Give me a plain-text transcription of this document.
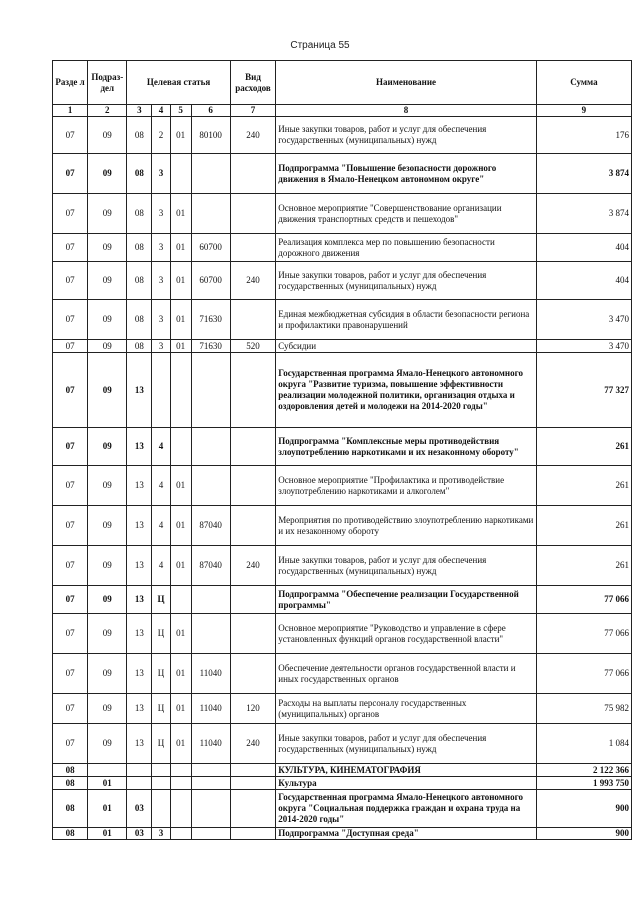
Страница 55
Разде л	Подраз- дел	Целевая статья				Вид расходов	Наименование	Сумма
1	2	3	4	5	6	7	8	9
07	09	08	2	01	80100	240	Иные закупки товаров, работ и услуг для обеспечения государственных (муниципальных) нужд	176
07	09	08	3				Подпрограмма "Повышение безопасности дорожного движения в Ямало-Ненецком автономном округе"	3 874
07	09	08	3	01			Основное мероприятие "Совершенствование организации движения транспортных средств и пешеходов"	3 874
07	09	08	3	01	60700		Реализация комплекса мер по повышению безопасности дорожного движения	404
07	09	08	3	01	60700	240	Иные закупки товаров, работ и услуг для обеспечения государственных (муниципальных) нужд	404
07	09	08	3	01	71630		Единая межбюджетная субсидия в области безопасности региона и профилактики правонарушений	3 470
07	09	08	3	01	71630	520	Субсидии	3 470
07	09	13					Государственная программа Ямало-Ненецкого автономного округа "Развитие туризма, повышение эффективности реализации молодежной политики, организация отдыха и оздоровления детей и молодежи на 2014-2020 годы"	77 327
07	09	13	4				Подпрограмма "Комплексные меры противодействия злоупотреблению наркотиками и их незаконному обороту"	261
07	09	13	4	01			Основное мероприятие "Профилактика и противодействие злоупотреблению наркотиками и алкоголем"	261
07	09	13	4	01	87040		Мероприятия по противодействию злоупотреблению наркотиками и их незаконному обороту	261
07	09	13	4	01	87040	240	Иные закупки товаров, работ и услуг для обеспечения государственных (муниципальных) нужд	261
07	09	13	Ц				Подпрограмма "Обеспечение реализации Государственной программы"	77 066
07	09	13	Ц	01			Основное мероприятие "Руководство и управление в сфере установленных функций органов государственной власти"	77 066
07	09	13	Ц	01	11040		Обеспечение деятельности органов государственной власти и иных государственных органов	77 066
07	09	13	Ц	01	11040	120	Расходы на выплаты персоналу государственных (муниципальных) органов	75 982
07	09	13	Ц	01	11040	240	Иные закупки товаров, работ и услуг для обеспечения государственных (муниципальных) нужд	1 084
08							КУЛЬТУРА, КИНЕМАТОГРАФИЯ	2 122 366
08	01						Культура	1 993 750
08	01	03					Государственная программа Ямало-Ненецкого автономного округа "Социальная поддержка граждан и охрана труда на 2014-2020 годы"	900
08	01	03	3				Подпрограмма "Доступная среда"	900
